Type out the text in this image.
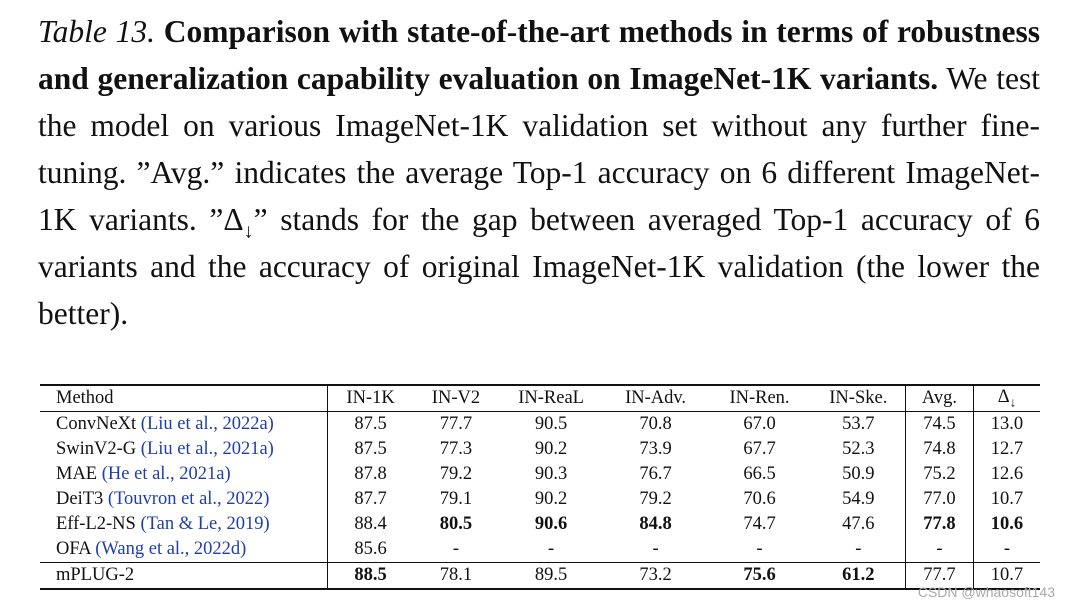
Table 13. Comparison with state-of-the-art methods in terms of robustness and generalization capability evaluation on ImageNet-1K variants. We test the model on various ImageNet-1K validation set without any further fine-tuning. ”Avg.” indicates the average Top-1 accuracy on 6 different ImageNet-1K variants. $”\Delta_↓$” stands for the gap between averaged Top-1 accuracy of 6 variants and the accuracy of original ImageNet-1K validation (the lower the better).
Method	IN-1K	IN-V2	IN-ReaL	IN-Adv.	IN-Ren.	IN-Ske.	Avg.	$\Delta_↓$
ConvNeXt (Liu et al., 2022a)	87.5	77.7	90.5	70.8	67.0	53.7	74.5	13.0
SwinV2-G (Liu et al., 2021a)	87.5	77.3	90.2	73.9	67.7	52.3	74.8	12.7
MAE (He et al., 2021a)	87.8	79.2	90.3	76.7	66.5	50.9	75.2	12.6
DeiT3 (Touvron et al., 2022)	87.7	79.1	90.2	79.2	70.6	54.9	77.0	10.7
Eff-L2-NS (Tan & Le, 2019)	88.4	80.5	90.6	84.8	74.7	47.6	77.8	10.6
OFA (Wang et al., 2022d)	85.6	-	-	-	-	-	-	-
mPLUG-2	88.5	78.1	89.5	73.2	75.6	61.2	77.7	10.7
CSDN @whaosoft143
